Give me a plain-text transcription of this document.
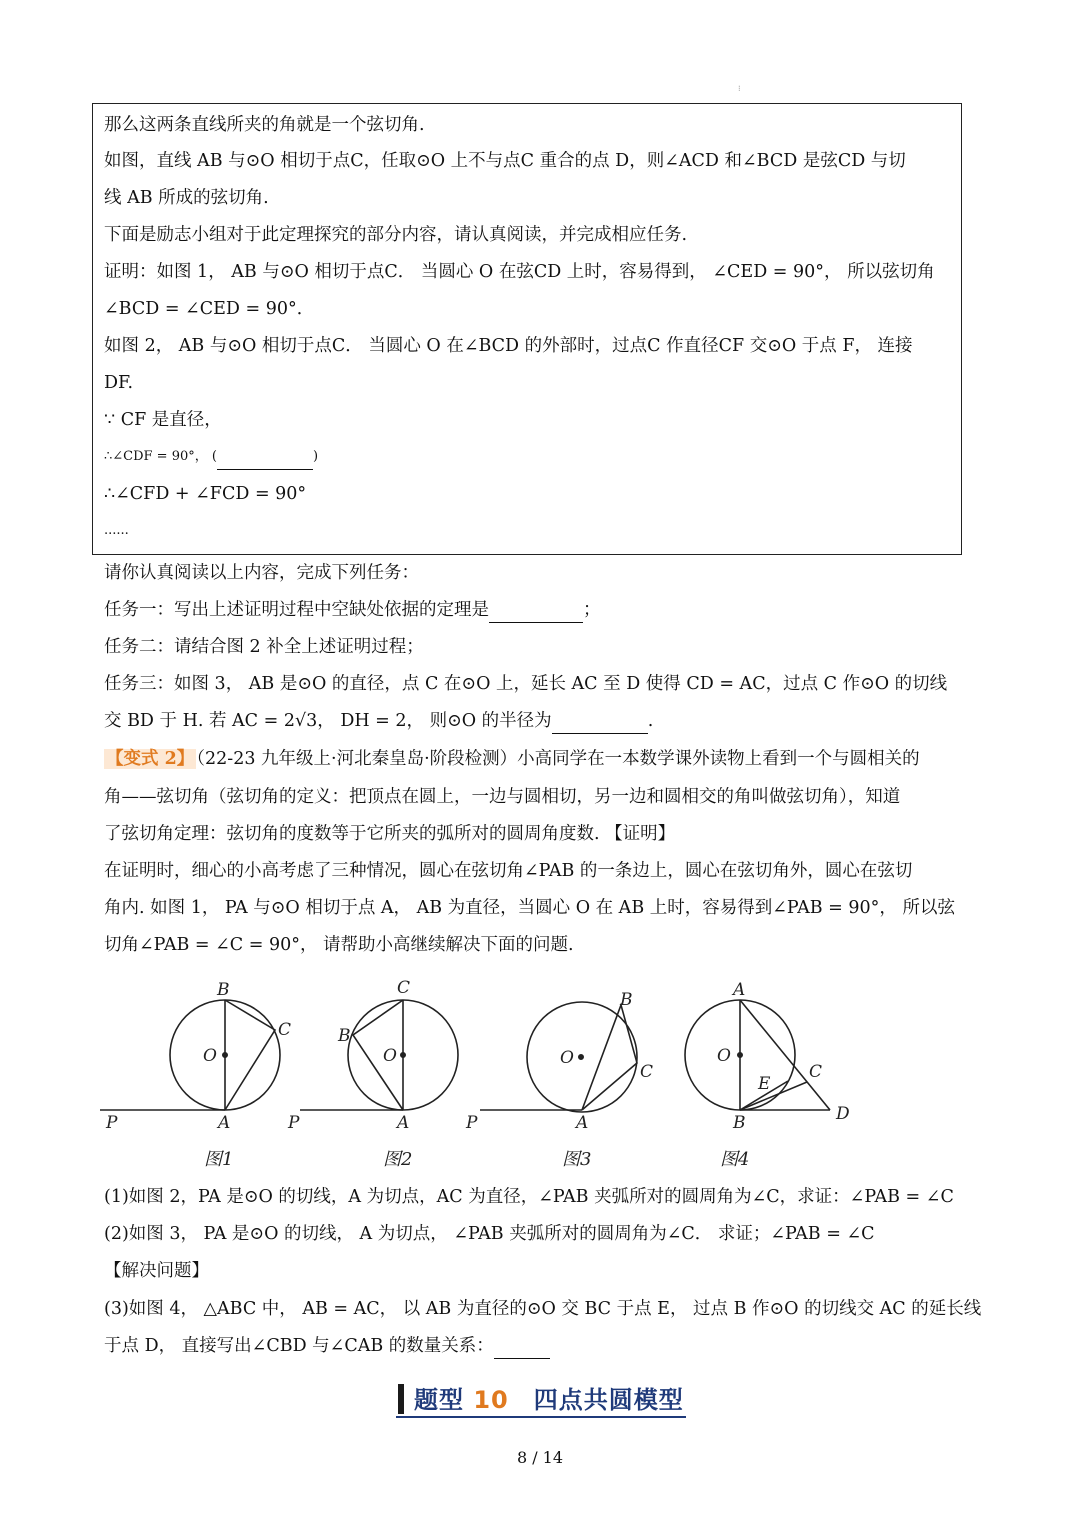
⁝
那么这两条直线所夹的角就是一个弦切角.
如图，直线 AB 与⊙O 相切于点C，任取⊙O 上不与点C 重合的点 D，则∠ACD 和∠BCD 是弦CD 与切
线 AB 所成的弦切角.
下面是励志小组对于此定理探究的部分内容，请认真阅读，并完成相应任务.
证明：如图 1， AB 与⊙O 相切于点C． 当圆心 O 在弦CD 上时，容易得到， ∠CED = 90°， 所以弦切角
∠BCD = ∠CED = 90°．
如图 2， AB 与⊙O 相切于点C． 当圆心 O 在∠BCD 的外部时，过点C 作直径CF 交⊙O 于点 F， 连接
DF.
∵ CF 是直径，
∴∠CDF = 90°， (	)
∴∠CFD + ∠FCD = 90°
......
请你认真阅读以上内容，完成下列任务：
任务一：写出上述证明过程中空缺处依据的定理是	；
任务二：请结合图 2 补全上述证明过程；
任务三：如图 3， AB 是⊙O 的直径，点 C 在⊙O 上，延长 AC 至 D 使得 CD = AC，过点 C 作⊙O 的切线
交 BD 于 H. 若 AC = 2√3， DH = 2， 则⊙O 的半径为	.
【变式 2】 （22-23 九年级上·河北秦皇岛·阶段检测）小高同学在一本数学课外读物上看到一个与圆相关的
角——弦切角（弦切角的定义：把顶点在圆上，一边与圆相切，另一边和圆相交的角叫做弦切角），知道
了弦切角定理：弦切角的度数等于它所夹的弧所对的圆周角度数. 【证明】
在证明时，细心的小高考虑了三种情况，圆心在弦切角∠PAB 的一条边上，圆心在弦切角外，圆心在弦切
角内. 如图 1， PA 与⊙O 相切于点 A， AB 为直径，当圆心 O 在 AB 上时，容易得到∠PAB = 90°， 所以弦
切角∠PAB = ∠C = 90°， 请帮助小高继续解决下面的问题.
P	A
B
C
O
图1
P	A
C
B
O
图2
P	A
B
C
O
图3
A
B
C
D
E
O
图4
(1)如图 2，PA 是⊙O 的切线，A 为切点，AC 为直径，∠PAB 夹弧所对的圆周角为∠C，求证：∠PAB = ∠C
(2)如图 3， PA 是⊙O 的切线， A 为切点， ∠PAB 夹弧所对的圆周角为∠C． 求证；∠PAB = ∠C
【解决问题】
(3)如图 4， △ABC 中， AB = AC， 以 AB 为直径的⊙O 交 BC 于点 E， 过点 B 作⊙O 的切线交 AC 的延长线
于点 D， 直接写出∠CBD 与∠CAB 的数量关系：
题型 10　四点共圆模型
8 / 14
